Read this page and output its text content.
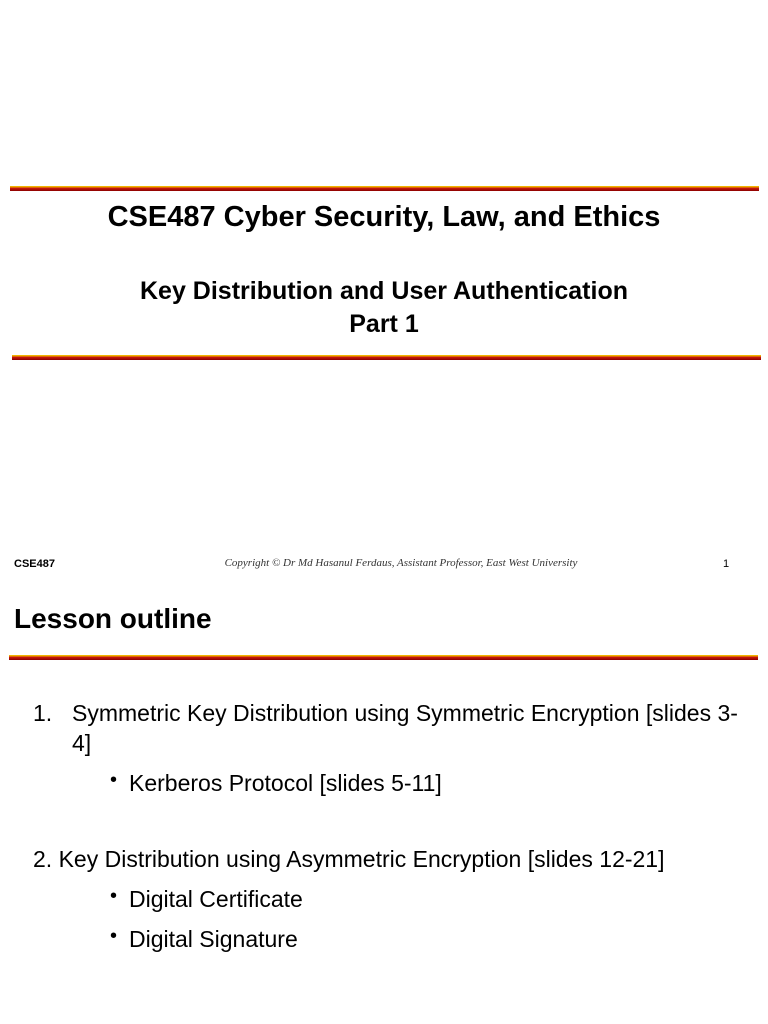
CSE487 Cyber Security, Law, and Ethics
Key Distribution and User Authentication
Part 1
CSE487	Copyright © Dr Md Hasanul Ferdaus, Assistant Professor, East West University	1
Lesson outline
1. Symmetric Key Distribution using Symmetric Encryption [slides 3-4]
• Kerberos Protocol [slides 5-11]
2. Key Distribution using Asymmetric Encryption [slides 12-21]
• Digital Certificate
• Digital Signature
